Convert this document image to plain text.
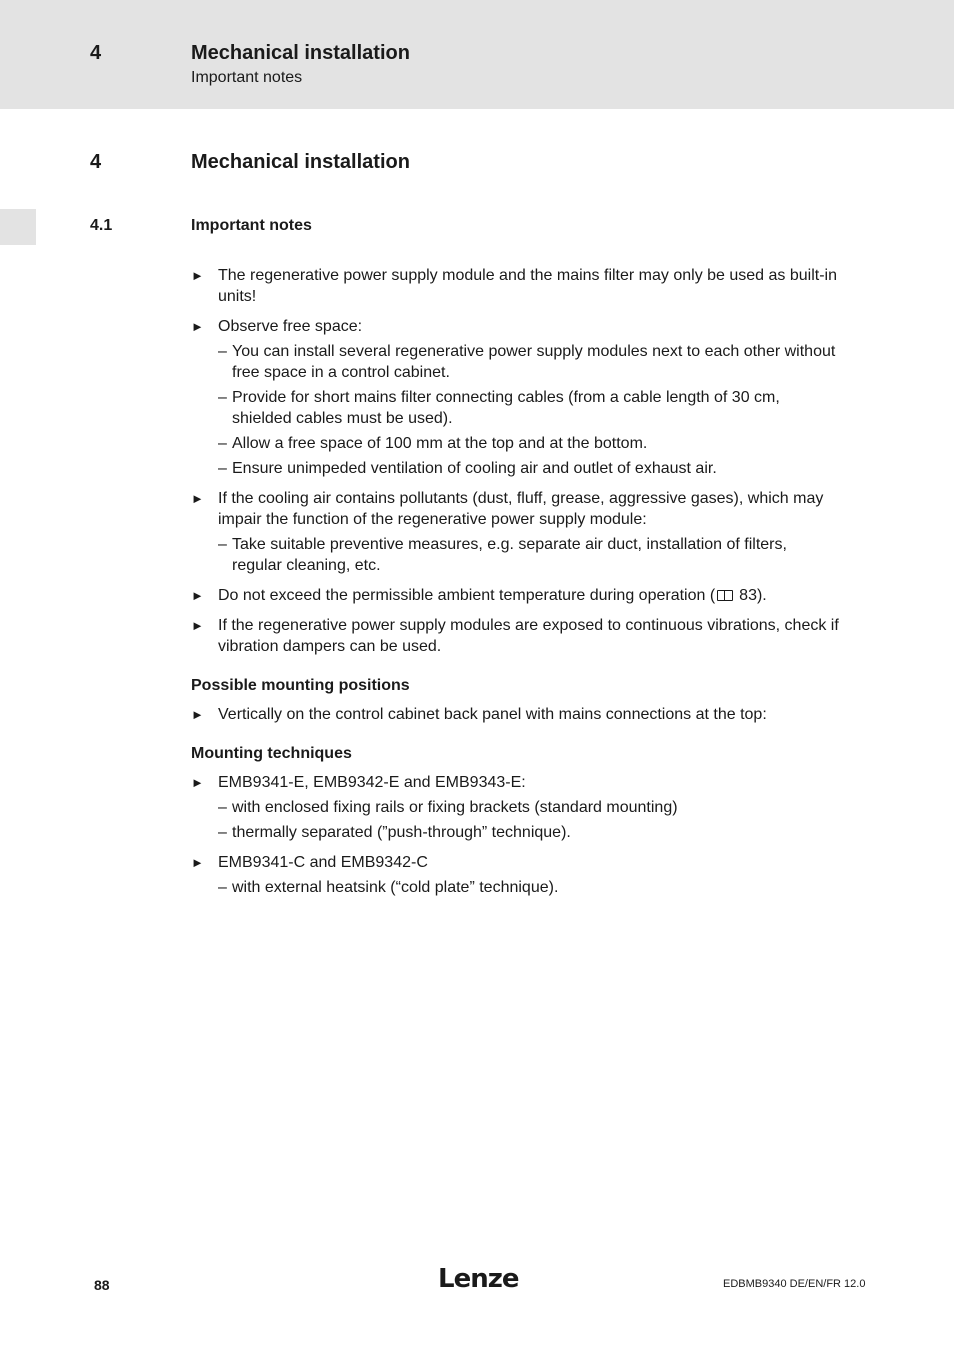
4	Mechanical installation
Important notes
4	Mechanical installation
4.1	Important notes
► The regenerative power supply module and the mains filter may only be used as built-in units!
► Observe free space:
– You can install several regenerative power supply modules next to each other without free space in a control cabinet.
– Provide for short mains filter connecting cables (from a cable length of 30 cm, shielded cables must be used).
– Allow a free space of 100 mm at the top and at the bottom.
– Ensure unimpeded ventilation of cooling air and outlet of exhaust air.
► If the cooling air contains pollutants (dust, fluff, grease, aggressive gases), which may impair the function of the regenerative power supply module:
– Take suitable preventive measures, e.g. separate air duct, installation of filters, regular cleaning, etc.
► Do not exceed the permissible ambient temperature during operation ( 83).
► If the regenerative power supply modules are exposed to continuous vibrations, check if vibration dampers can be used.
Possible mounting positions
► Vertically on the control cabinet back panel with mains connections at the top:
Mounting techniques
► EMB9341-E, EMB9342-E and EMB9343-E:
– with enclosed fixing rails or fixing brackets (standard mounting)
– thermally separated (”push-through” technique).
► EMB9341-C and EMB9342-C
– with external heatsink (“cold plate” technique).
88	Lenze	EDBMB9340 DE/EN/FR 12.0
